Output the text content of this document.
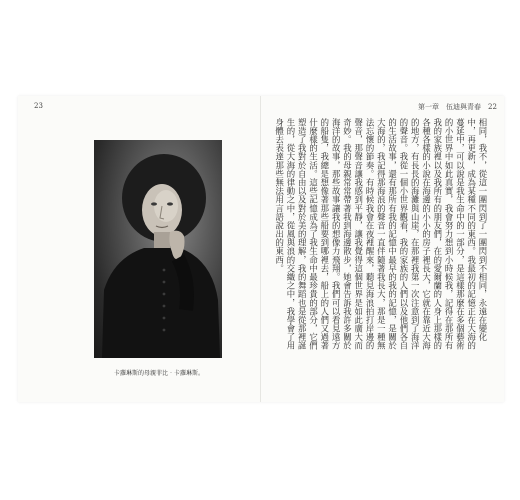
23	第一章　伍迪與青春　22
卡蘿琳斯的母親菲比‧卡蘿琳斯。

相同，我不，從這一團閃到了一團閃到不相同，永遠在變化中，再更新，成為某種不同的東西。我最初的記憶正在大海的蔓延中，可以說是我生命中的一部分，是這樣那麼在多個藝術的小世界中如此真實，我會努力想到小時候我，記得在那所有我的家族裡以及我所有的朋友們，在的愛爾蘭的人身上那樣的各種各樣的小說在海邊的小小的房子裡長大，它就在靠近大海的地方，有長長的海灘與山崖，在那裡我第一次注意到了海洋的聲音。我從一個小世界觀看，我的家族的人們以及他們各自的生活故事，還有那所有我的記憶中最早的我的記憶，是關於大海的，我記得那海浪的聲音一直伴隨著我長大，那是一種無法忘懷的節奏。有時候我會在夜裡醒來，聽見海浪拍打岸邊的聲音，那聲音讓我感到平靜，讓我覺得這個世界是如此廣大而奇妙。我的母親常常帶著我到海邊散步，她會告訴我許多關於海洋的故事，那些故事讓我的想像力飛翔。我們可以看見遠方的船隻，我總是想像著那些船要到哪裡去，船上的人們又過著什麼樣的生活。這些記憶成為了我生命中最珍貴的部分，它們塑造了我對於自由以及對於美的理解，我的舞蹈也是從那裡誕生的，從大海的律動之中，從風與浪的交織之中，我學會了用身體去表達那些無法用言語說出的東西。
